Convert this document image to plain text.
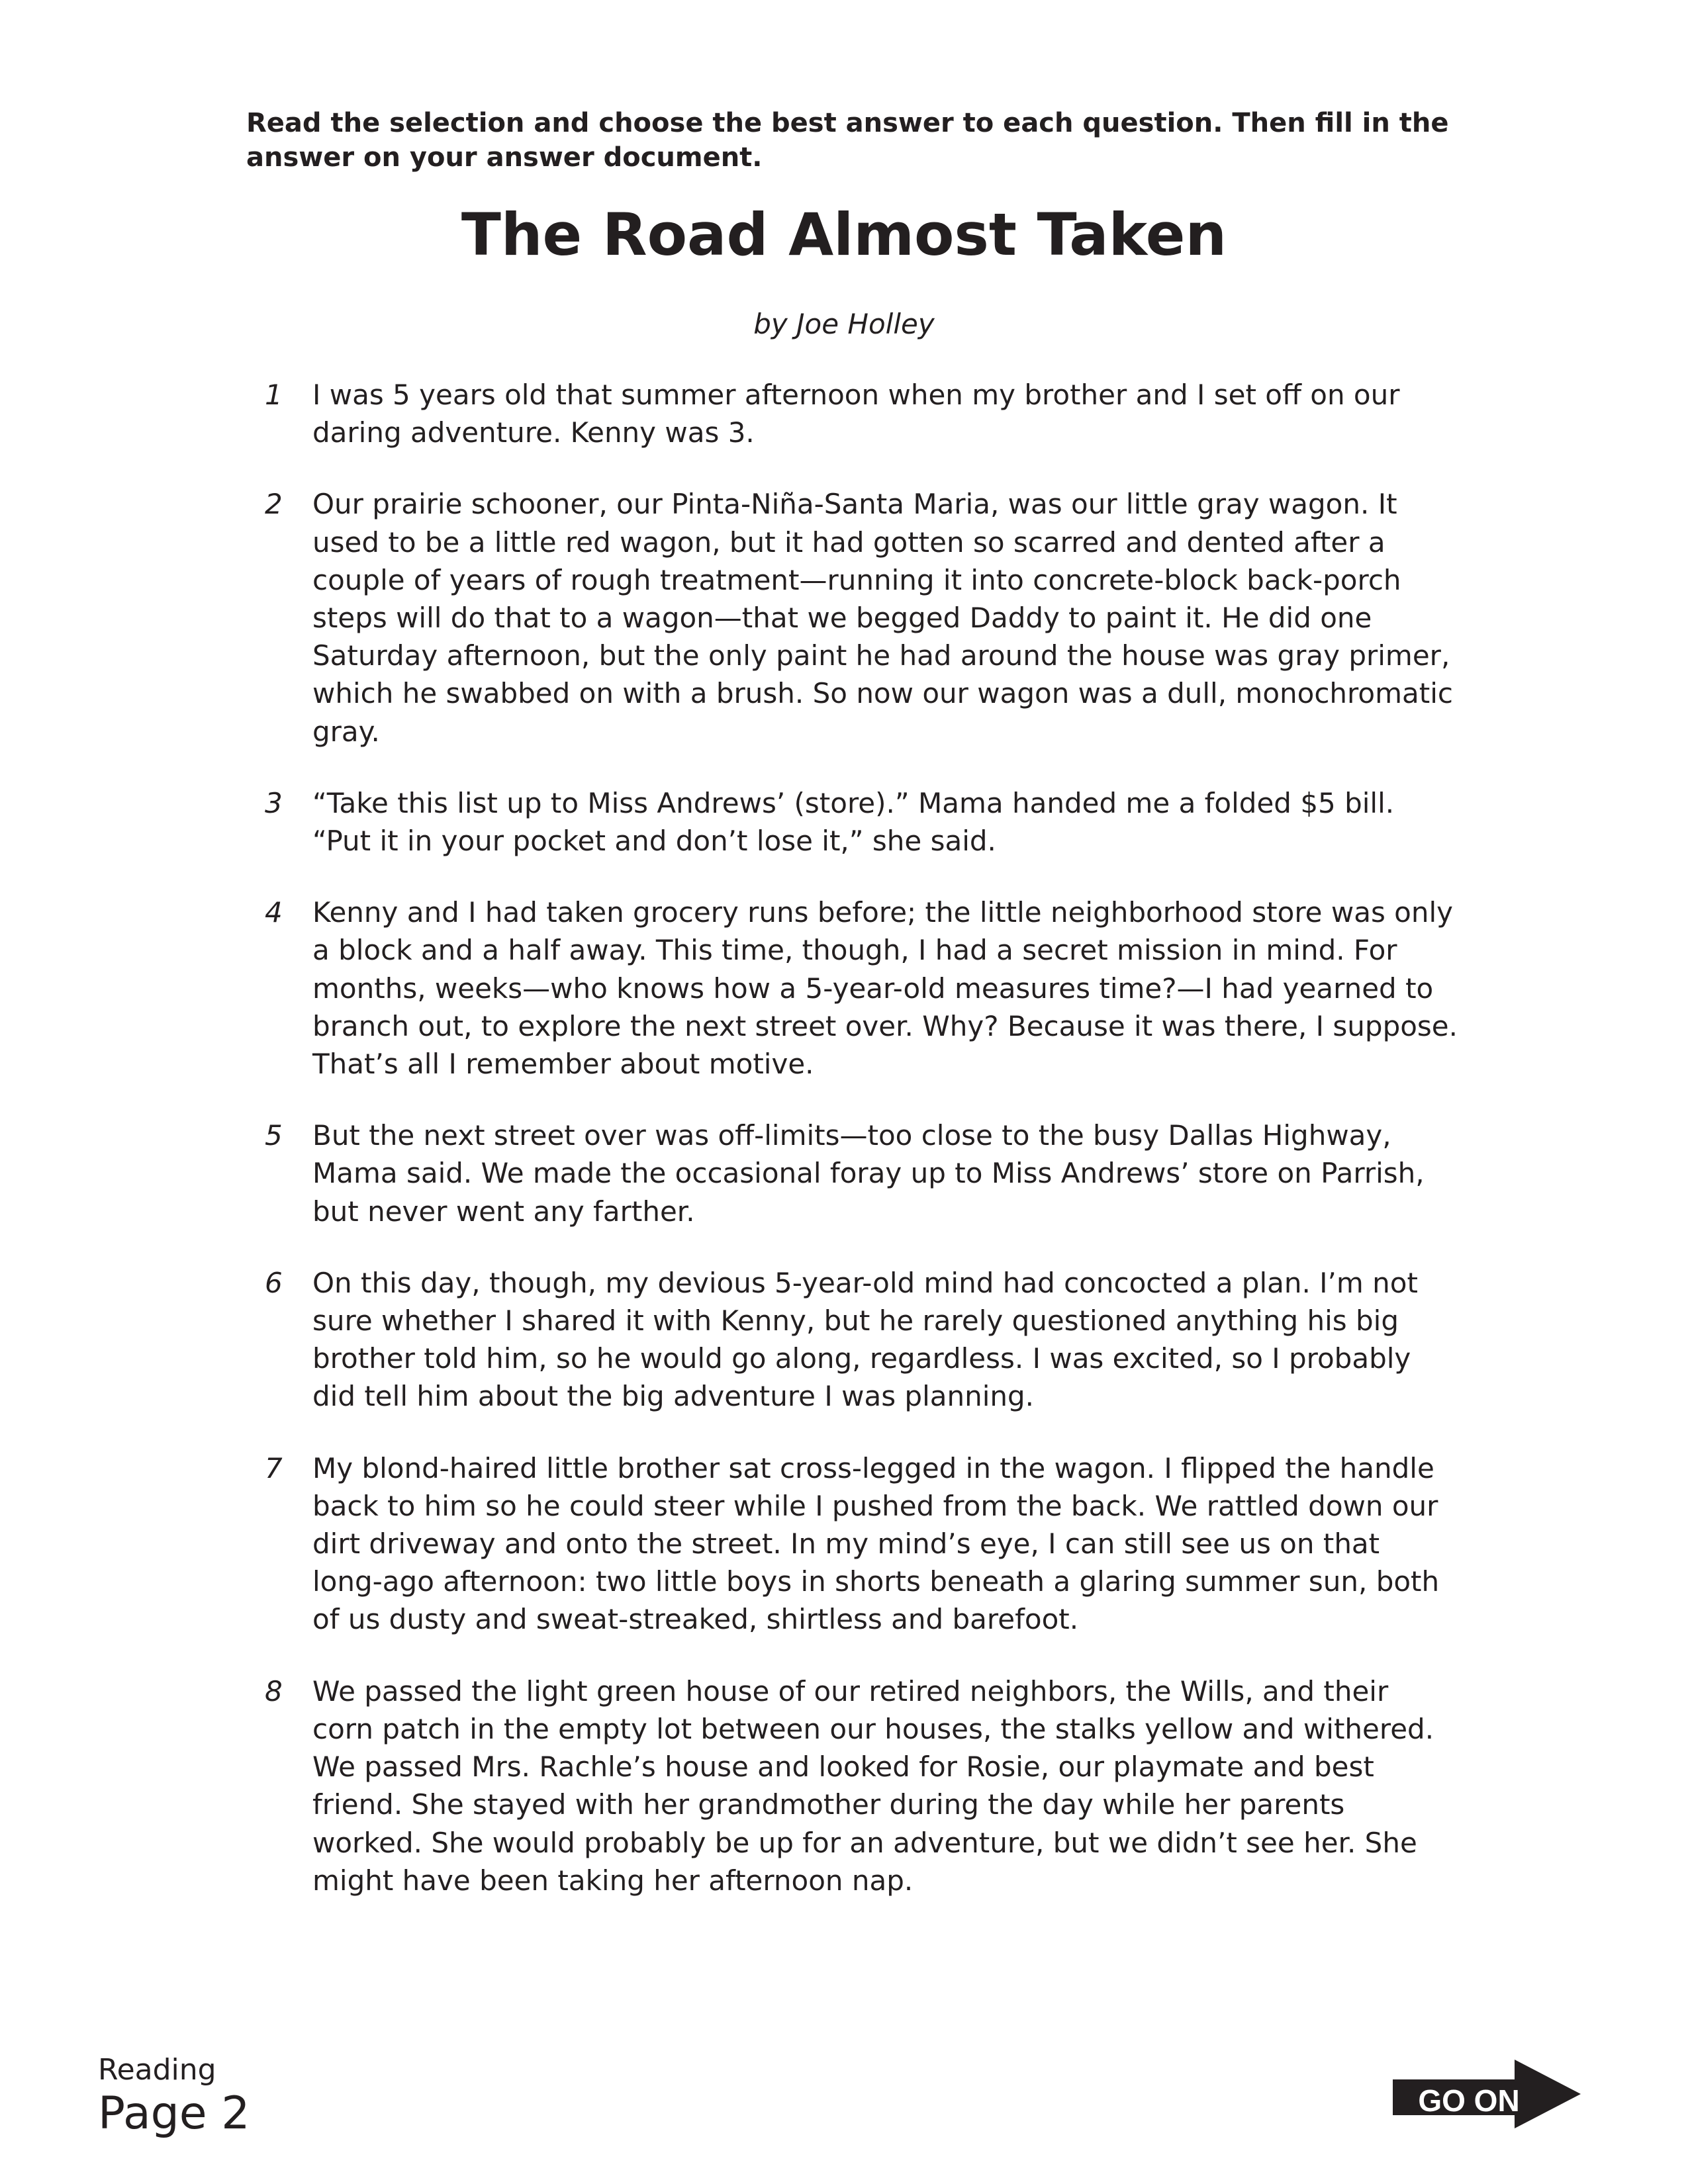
Read the selection and choose the best answer to each question. Then fill in the answer on your answer document.

The Road Almost Taken

by Joe Holley

1 I was 5 years old that summer afternoon when my brother and I set off on our daring adventure. Kenny was 3.
2 Our prairie schooner, our Pinta-Niña-Santa Maria, was our little gray wagon. It used to be a little red wagon, but it had gotten so scarred and dented after a couple of years of rough treatment—running it into concrete-block back-porch steps will do that to a wagon—that we begged Daddy to paint it. He did one Saturday afternoon, but the only paint he had around the house was gray primer, which he swabbed on with a brush. So now our wagon was a dull, monochromatic gray.
3 “Take this list up to Miss Andrews’ (store).” Mama handed me a folded $5 bill. “Put it in your pocket and don’t lose it,” she said.
4 Kenny and I had taken grocery runs before; the little neighborhood store was only a block and a half away. This time, though, I had a secret mission in mind. For months, weeks—who knows how a 5-year-old measures time?—I had yearned to branch out, to explore the next street over. Why? Because it was there, I suppose. That’s all I remember about motive.
5 But the next street over was off-limits—too close to the busy Dallas Highway, Mama said. We made the occasional foray up to Miss Andrews’ store on Parrish, but never went any farther.
6 On this day, though, my devious 5-year-old mind had concocted a plan. I’m not sure whether I shared it with Kenny, but he rarely questioned anything his big brother told him, so he would go along, regardless. I was excited, so I probably did tell him about the big adventure I was planning.
7 My blond-haired little brother sat cross-legged in the wagon. I flipped the handle back to him so he could steer while I pushed from the back. We rattled down our dirt driveway and onto the street. In my mind’s eye, I can still see us on that long-ago afternoon: two little boys in shorts beneath a glaring summer sun, both of us dusty and sweat-streaked, shirtless and barefoot.
8 We passed the light green house of our retired neighbors, the Wills, and their corn patch in the empty lot between our houses, the stalks yellow and withered. We passed Mrs. Rachle’s house and looked for Rosie, our playmate and best friend. She stayed with her grandmother during the day while her parents worked. She would probably be up for an adventure, but we didn’t see her. She might have been taking her afternoon nap.

Reading

Page 2	GO ON
